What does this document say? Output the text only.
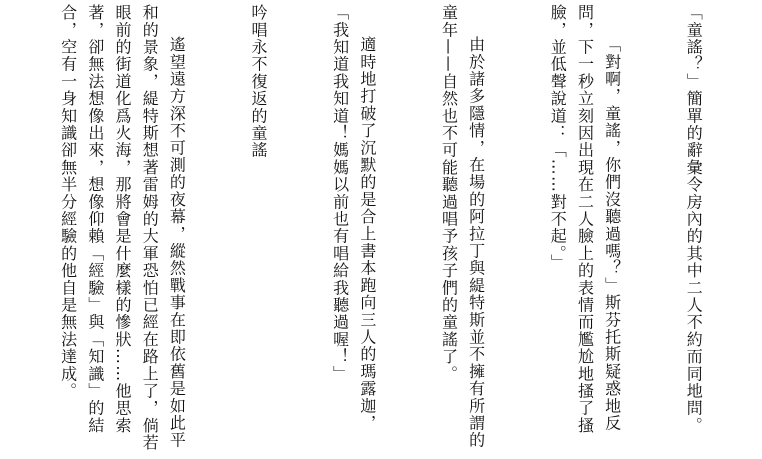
「童謠？」簡單的辭彙令房內的其中二人不約而同地問。

「對啊，童謠，你們沒聽過嗎？」斯芬托斯疑惑地反問，下一秒立刻因出現在二人臉上的表情而尷尬地搔了搔臉，並低聲說道：「……對不起。」

由於諸多隱情，在場的阿拉丁與緹特斯並不擁有所謂的童年——自然也不可能聽過唱予孩子們的童謠了。

適時地打破了沉默的是合上書本跑向三人的瑪露迦，「我知道我知道！媽媽以前也有唱給我聽過喔！」

吟唱永不復返的童謠

遙望遠方深不可測的夜幕，縱然戰事在即依舊是如此平和的景象，緹特斯想著雷姆的大軍恐怕已經在路上了，倘若眼前的街道化爲火海，那將會是什麼樣的慘狀……他思索著，卻無法想像出來，想像仰賴「經驗」與「知識」的結合，空有一身知識卻無半分經驗的他自是無法達成。
